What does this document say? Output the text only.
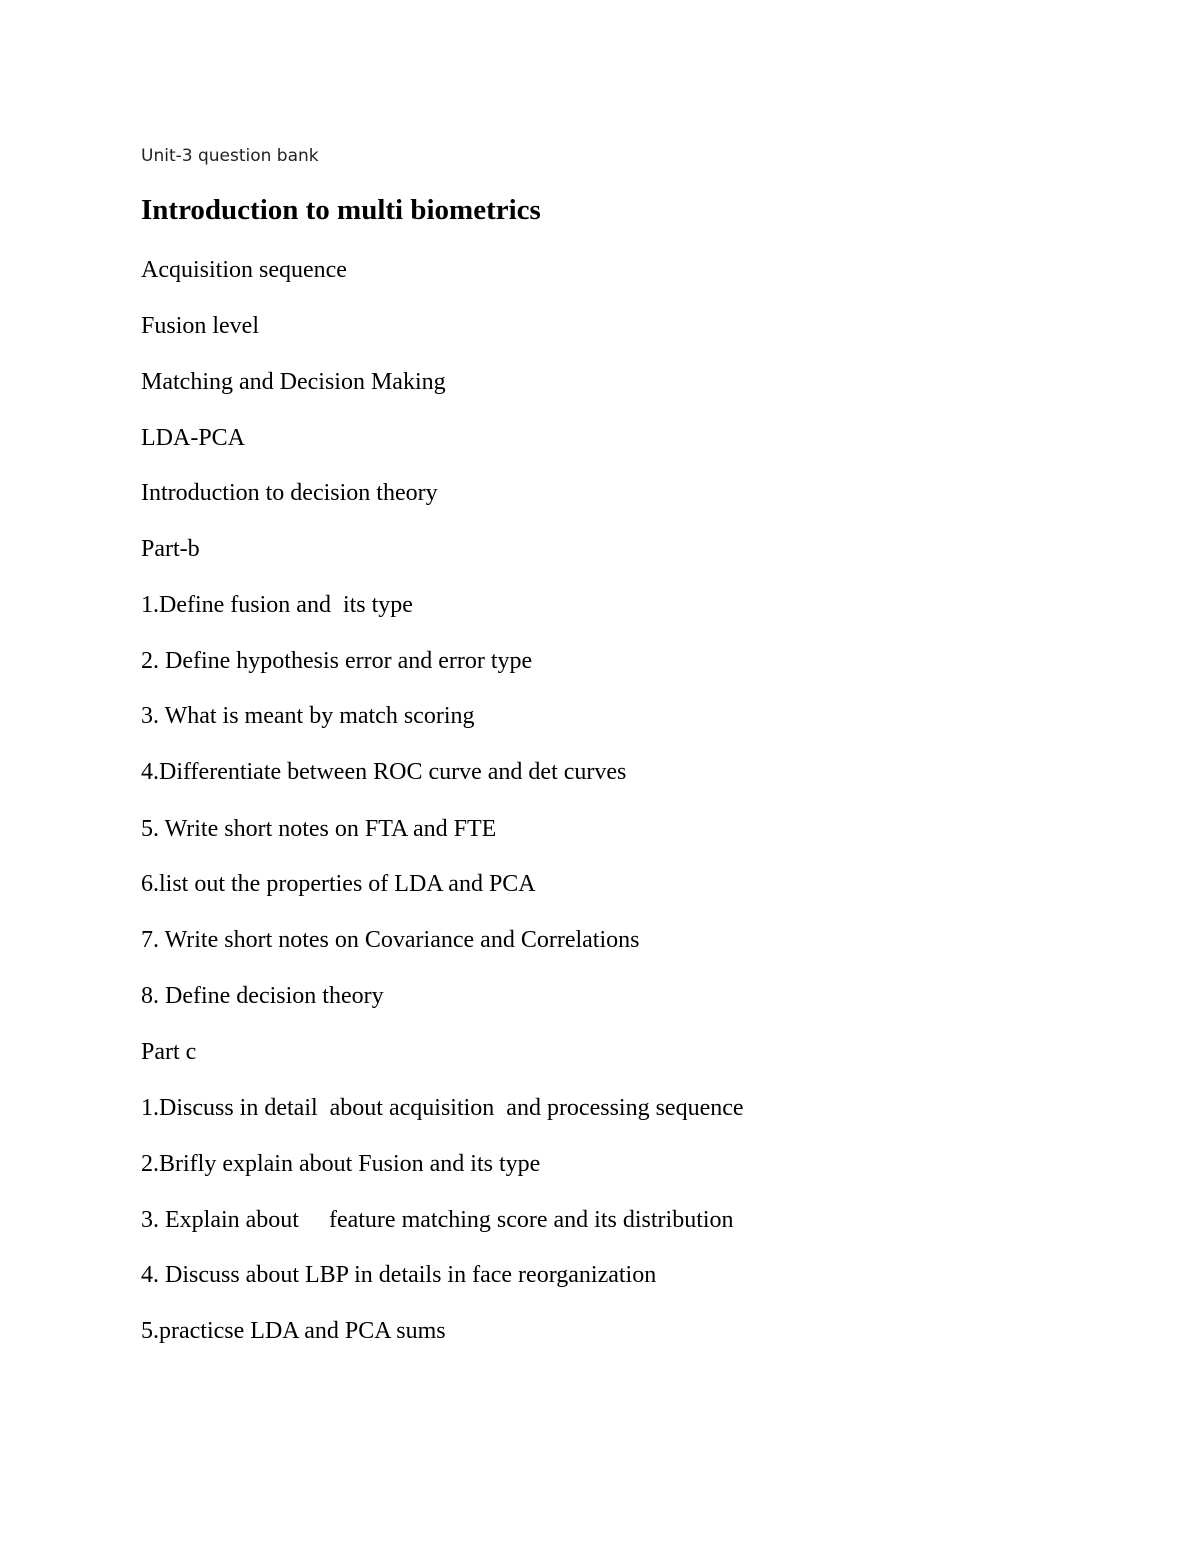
Unit-3 question bank

Introduction to multi biometrics

Acquisition sequence

Fusion level

Matching and Decision Making

LDA-PCA

Introduction to decision theory

Part-b

1.Define fusion and  its type

2. Define hypothesis error and error type

3. What is meant by match scoring

4.Differentiate between ROC curve and det curves

5. Write short notes on FTA and FTE

6.list out the properties of LDA and PCA

7. Write short notes on Covariance and Correlations

8. Define decision theory

Part c

1.Discuss in detail  about acquisition  and processing sequence

2.Brifly explain about Fusion and its type

3. Explain about     feature matching score and its distribution

4. Discuss about LBP in details in face reorganization

5.practicse LDA and PCA sums
